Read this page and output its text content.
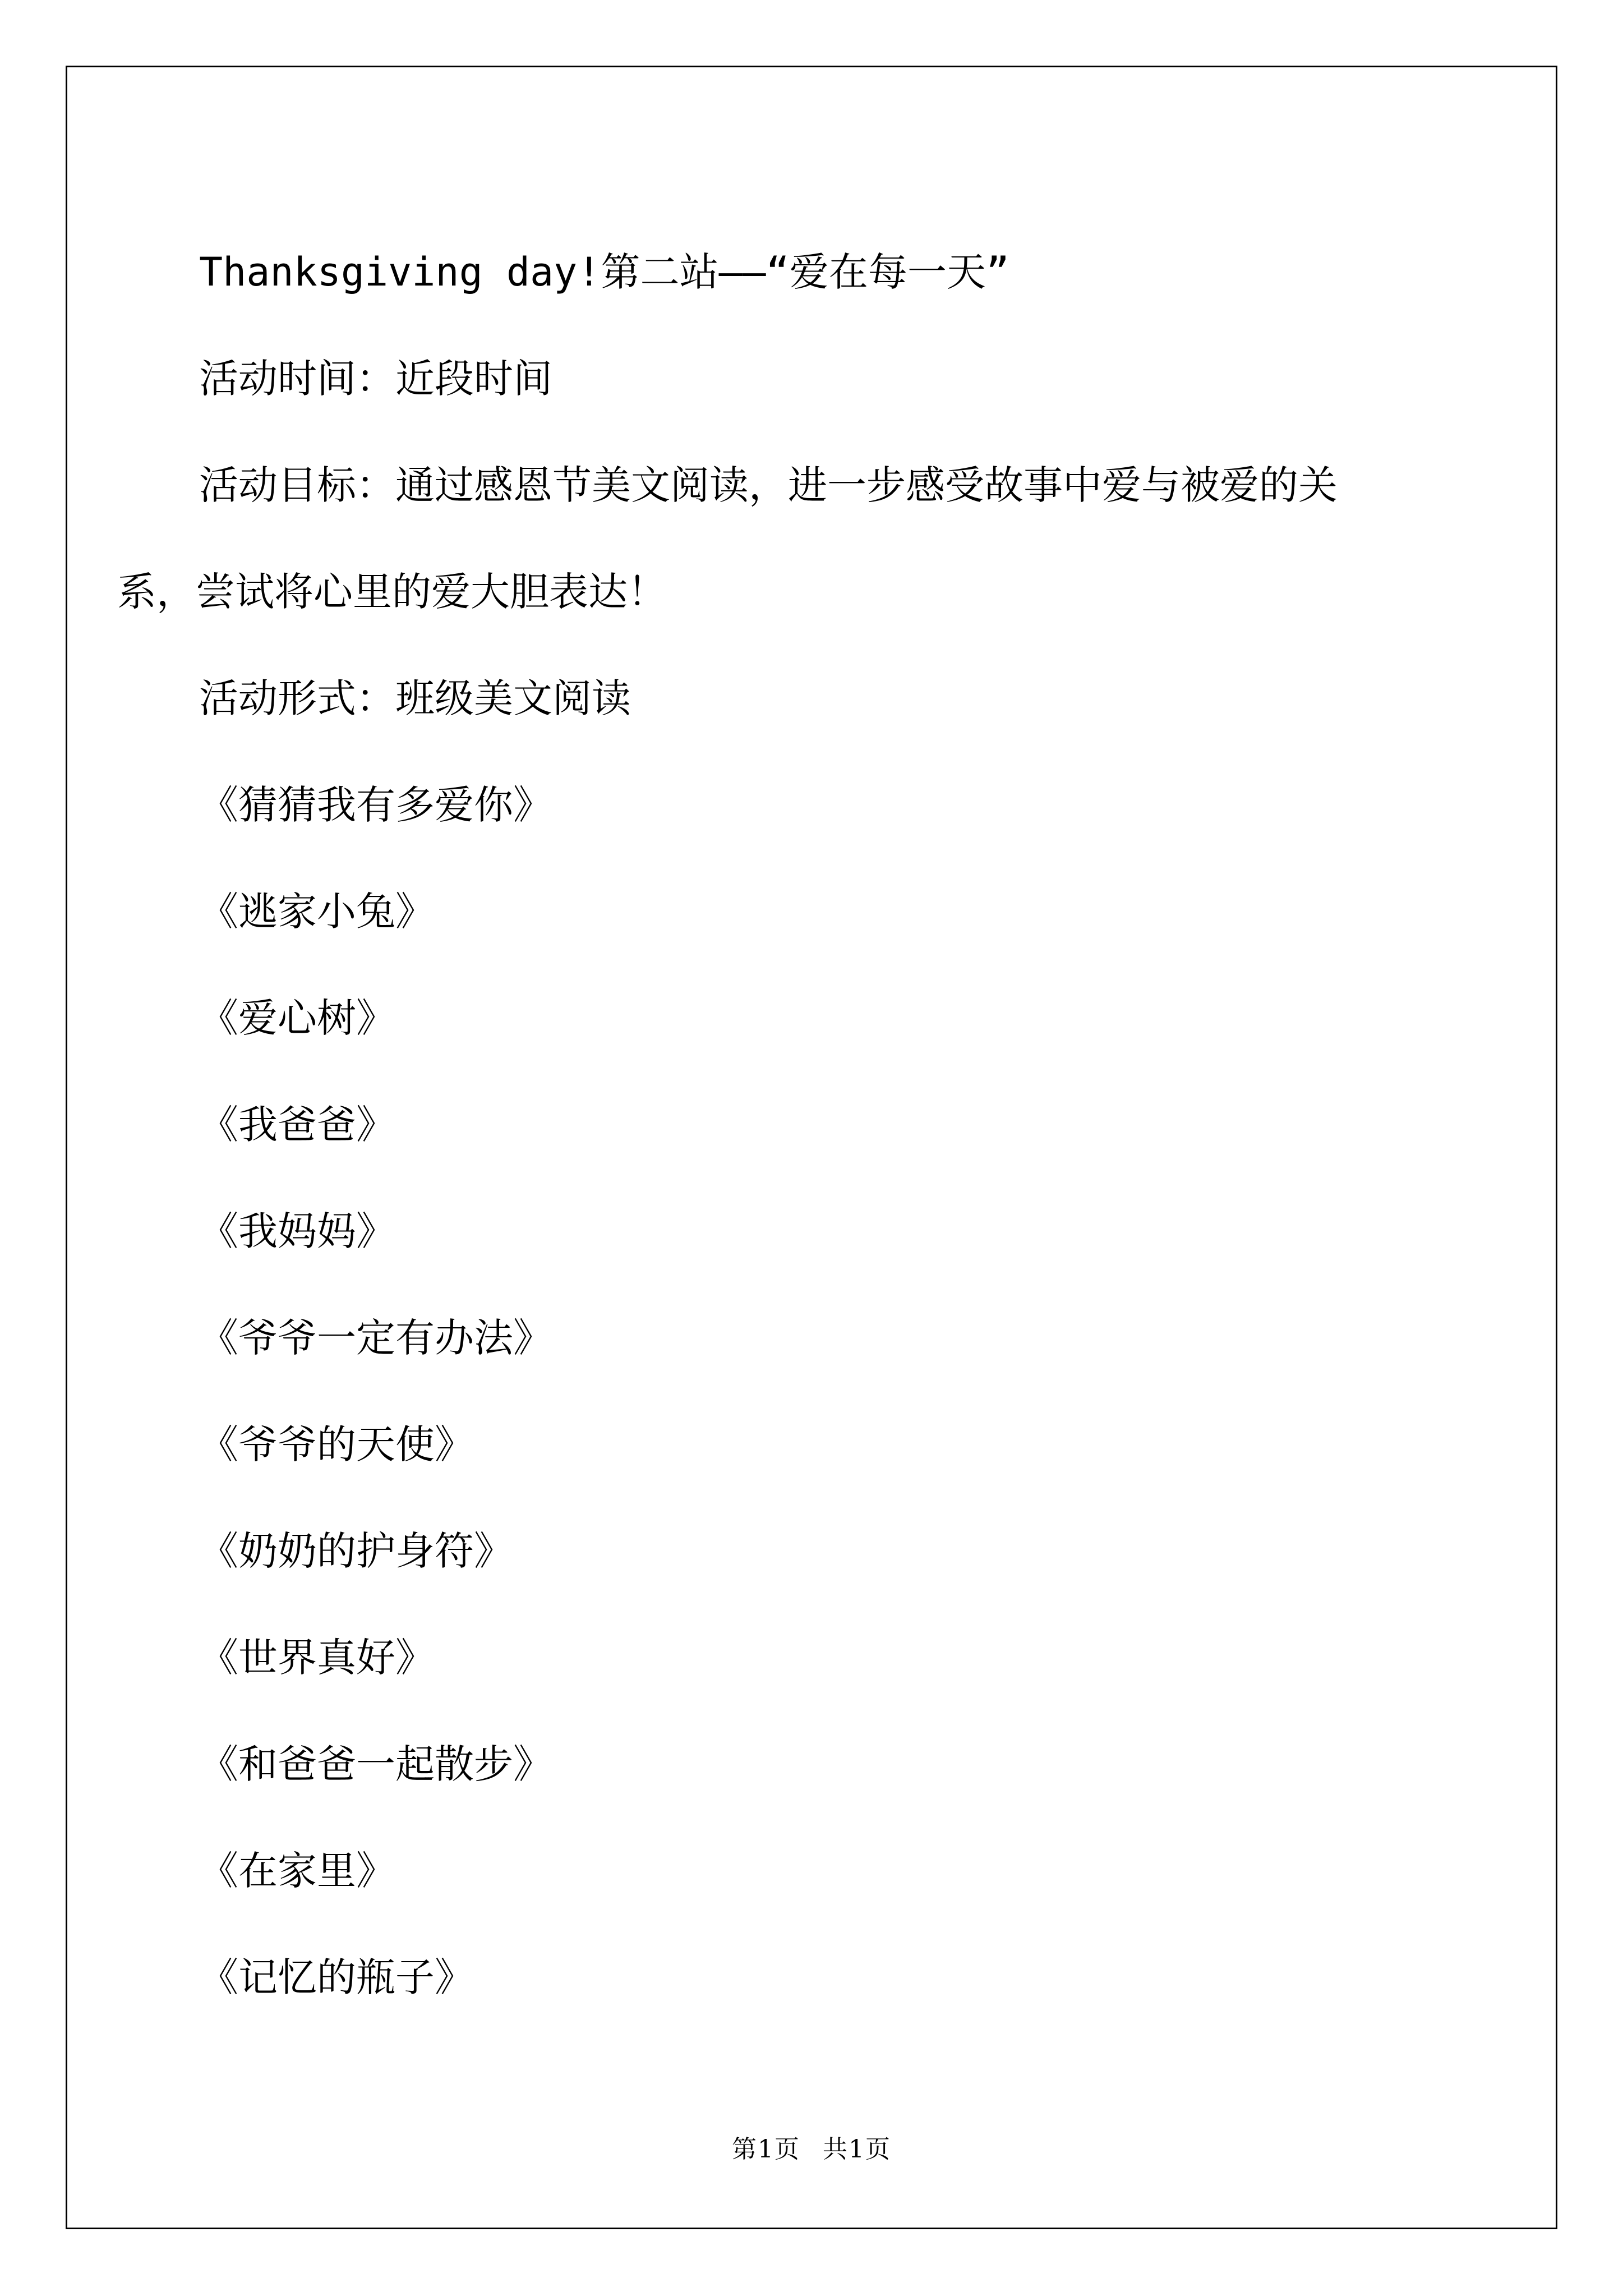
Thanksgiving day!第二站——“爱在每一天”

活动时间：近段时间

活动目标：通过感恩节美文阅读，进一步感受故事中爱与被爱的关系，尝试将心里的爱大胆表达！

活动形式：班级美文阅读

《猜猜我有多爱你》

《逃家小兔》

《爱心树》

《我爸爸》

《我妈妈》

《爷爷一定有办法》

《爷爷的天使》

《奶奶的护身符》

《世界真好》

《和爸爸一起散步》

《在家里》

《记忆的瓶子》

第1页 共1页
